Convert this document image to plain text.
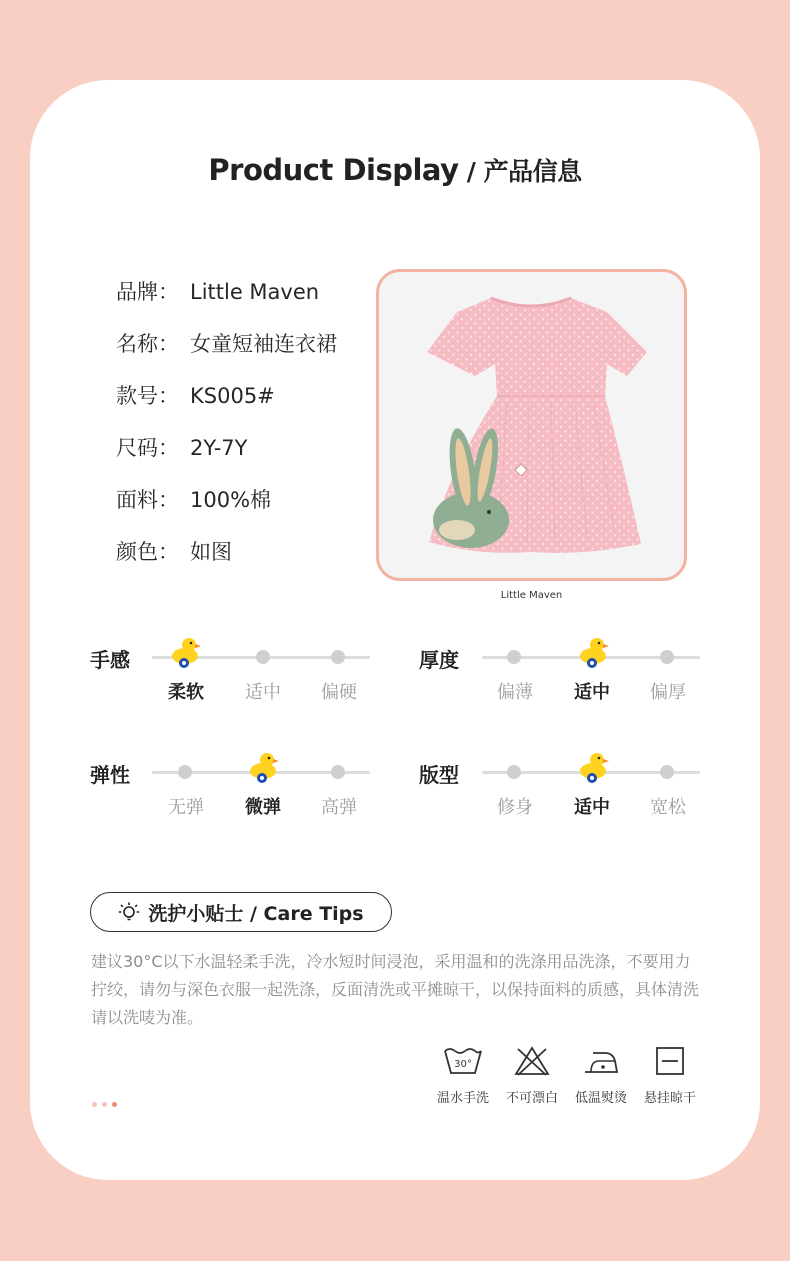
Product Display / 产品信息
品牌： Little Maven
名称： 女童短袖连衣裙
款号： KS005#
尺码： 2Y-7Y
面料： 100%棉
颜色： 如图
Little Maven
手感
柔软	适中	偏硬
厚度
偏薄	适中	偏厚
弹性
无弹	微弹	高弹
版型
修身	适中	宽松
洗护小贴士 / Care Tips
建议30°C以下水温轻柔手洗，冷水短时间浸泡，采用温和的洗涤用品洗涤，不要用力拧绞，请勿与深色衣服一起洗涤，反面清洗或平摊晾干，以保持面料的质感，具体清洗请以洗唛为准。
30°
温水手洗	不可漂白	低温熨烫	悬挂晾干
